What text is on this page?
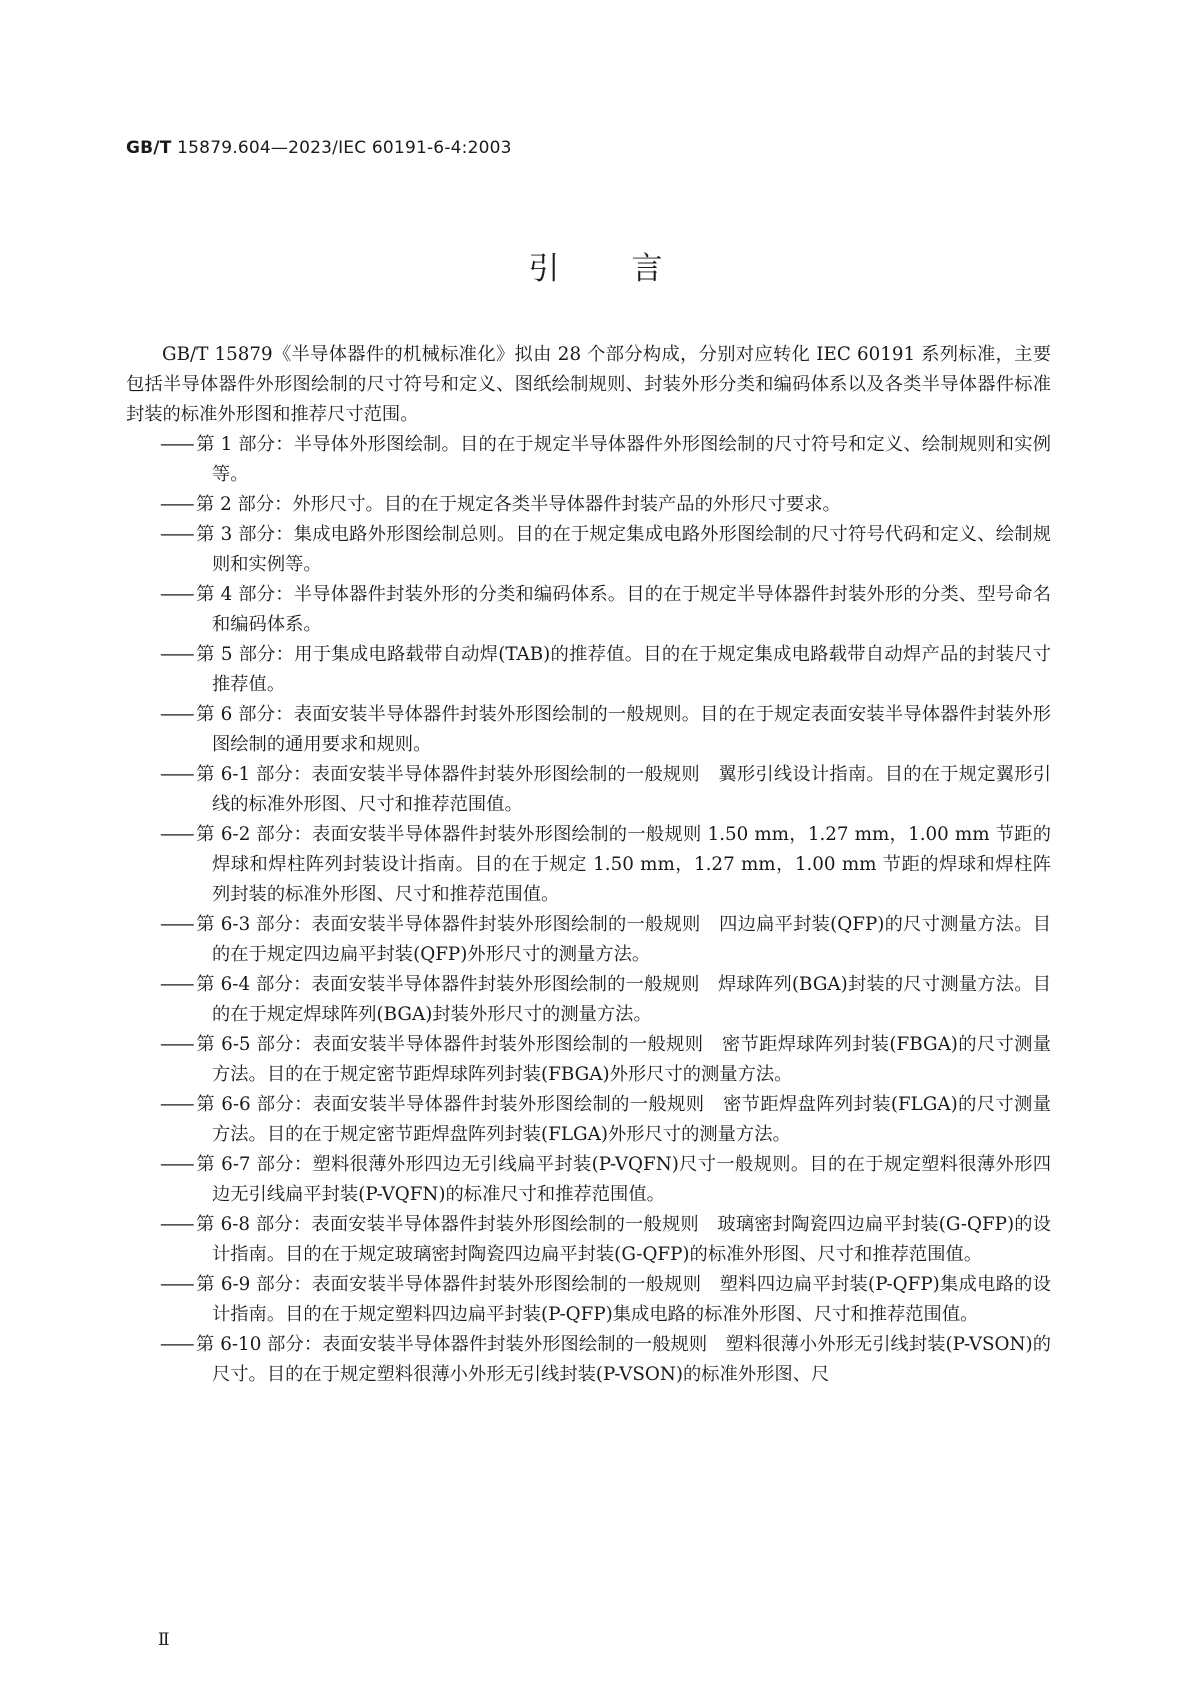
GB/T 15879.604—2023/IEC 60191-6-4:2003
引言

GB/T 15879《半导体器件的机械标准化》拟由 28 个部分构成，分别对应转化 IEC 60191 系列标准，主要包括半导体器件外形图绘制的尺寸符号和定义、图纸绘制规则、封装外形分类和编码体系以及各类半导体器件标准封装的标准外形图和推荐尺寸范围。

—— 第 1 部分：半导体外形图绘制。目的在于规定半导体器件外形图绘制的尺寸符号和定义、绘制规则和实例等。
—— 第 2 部分：外形尺寸。目的在于规定各类半导体器件封装产品的外形尺寸要求。
—— 第 3 部分：集成电路外形图绘制总则。目的在于规定集成电路外形图绘制的尺寸符号代码和定义、绘制规则和实例等。
—— 第 4 部分：半导体器件封装外形的分类和编码体系。目的在于规定半导体器件封装外形的分类、型号命名和编码体系。
—— 第 5 部分：用于集成电路载带自动焊(TAB)的推荐值。目的在于规定集成电路载带自动焊产品的封装尺寸推荐值。
—— 第 6 部分：表面安装半导体器件封装外形图绘制的一般规则。目的在于规定表面安装半导体器件封装外形图绘制的通用要求和规则。
—— 第 6-1 部分：表面安装半导体器件封装外形图绘制的一般规则　翼形引线设计指南。目的在于规定翼形引线的标准外形图、尺寸和推荐范围值。
—— 第 6-2 部分：表面安装半导体器件封装外形图绘制的一般规则 1.50 mm，1.27 mm，1.00 mm 节距的焊球和焊柱阵列封装设计指南。目的在于规定 1.50 mm，1.27 mm，1.00 mm 节距的焊球和焊柱阵列封装的标准外形图、尺寸和推荐范围值。
—— 第 6-3 部分：表面安装半导体器件封装外形图绘制的一般规则　四边扁平封装(QFP)的尺寸测量方法。目的在于规定四边扁平封装(QFP)外形尺寸的测量方法。
—— 第 6-4 部分：表面安装半导体器件封装外形图绘制的一般规则　焊球阵列(BGA)封装的尺寸测量方法。目的在于规定焊球阵列(BGA)封装外形尺寸的测量方法。
—— 第 6-5 部分：表面安装半导体器件封装外形图绘制的一般规则　密节距焊球阵列封装(FBGA)的尺寸测量方法。目的在于规定密节距焊球阵列封装(FBGA)外形尺寸的测量方法。
—— 第 6-6 部分：表面安装半导体器件封装外形图绘制的一般规则　密节距焊盘阵列封装(FLGA)的尺寸测量方法。目的在于规定密节距焊盘阵列封装(FLGA)外形尺寸的测量方法。
—— 第 6-7 部分：塑料很薄外形四边无引线扁平封装(P-VQFN)尺寸一般规则。目的在于规定塑料很薄外形四边无引线扁平封装(P-VQFN)的标准尺寸和推荐范围值。
—— 第 6-8 部分：表面安装半导体器件封装外形图绘制的一般规则　玻璃密封陶瓷四边扁平封装(G-QFP)的设计指南。目的在于规定玻璃密封陶瓷四边扁平封装(G-QFP)的标准外形图、尺寸和推荐范围值。
—— 第 6-9 部分：表面安装半导体器件封装外形图绘制的一般规则　塑料四边扁平封装(P-QFP)集成电路的设计指南。目的在于规定塑料四边扁平封装(P-QFP)集成电路的标准外形图、尺寸和推荐范围值。
—— 第 6-10 部分：表面安装半导体器件封装外形图绘制的一般规则　塑料很薄小外形无引线封装(P-VSON)的尺寸。目的在于规定塑料很薄小外形无引线封装(P-VSON)的标准外形图、尺
Ⅱ
